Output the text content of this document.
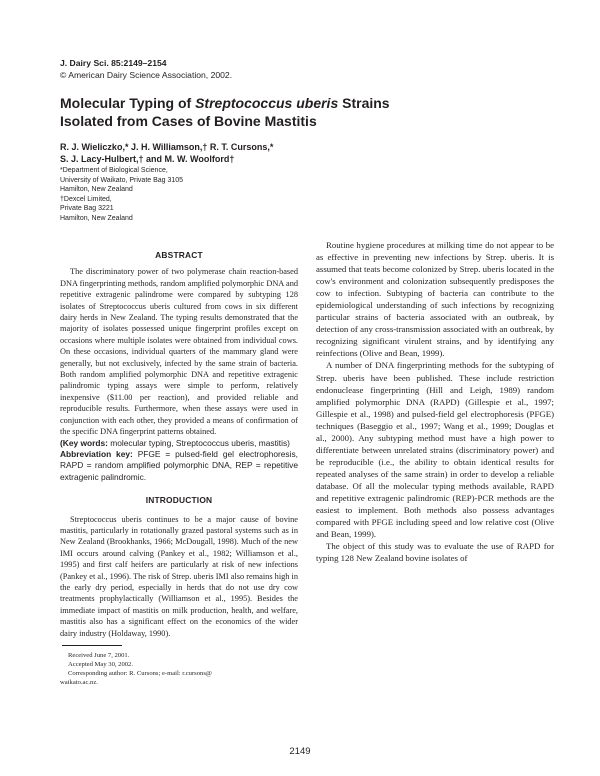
J. Dairy Sci. 85:2149–2154
© American Dairy Science Association, 2002.
Molecular Typing of Streptococcus uberis Strains Isolated from Cases of Bovine Mastitis
R. J. Wieliczko,* J. H. Williamson,† R. T. Cursons,*
S. J. Lacy-Hulbert,† and M. W. Woolford†
*Department of Biological Science,
University of Waikato, Private Bag 3105
Hamilton, New Zealand
†Dexcel Limited,
Private Bag 3221
Hamilton, New Zealand
ABSTRACT

The discriminatory power of two polymerase chain reaction-based DNA fingerprinting methods, random amplified polymorphic DNA and repetitive extragenic palindrome were compared by subtyping 128 isolates of Streptococcus uberis cultured from cows in six different dairy herds in New Zealand. The typing results demonstrated that the majority of isolates possessed unique fingerprint profiles except on occasions where multiple isolates were obtained from individual cows. On these occasions, individual quarters of the mammary gland were generally, but not exclusively, infected by the same strain of bacteria. Both random amplified polymorphic DNA and repetitive extragenic palindromic typing assays were simple to perform, relatively inexpensive ($11.00 per reaction), and provided reliable and reproducible results. Furthermore, when these assays were used in conjunction with each other, they provided a means of confirmation of the specific DNA fingerprint patterns obtained.

(Key words: molecular typing, Streptococcus uberis, mastitis)

Abbreviation key: PFGE = pulsed-field gel electrophoresis, RAPD = random amplified polymorphic DNA, REP = repetitive extragenic palindromic.

INTRODUCTION

Streptococcus uberis continues to be a major cause of bovine mastitis, particularly in rotationally grazed pastoral systems such as in New Zealand (Brookhanks, 1966; McDougall, 1998). Much of the new IMI occurs around calving (Pankey et al., 1982; Williamson et al., 1995) and first calf heifers are particularly at risk of new infections (Pankey et al., 1996). The risk of Strep. uberis IMI also remains high in the early dry period, especially in herds that do not use dry cow treatments prophylactically (Williamson et al., 1995). Besides the immediate impact of mastitis on milk production, health, and welfare, mastitis also has a significant effect on the economics of the wider dairy industry (Holdaway, 1990).

Routine hygiene procedures at milking time do not appear to be as effective in preventing new infections by Strep. uberis. It is assumed that teats become colonized by Strep. uberis located in the cow's environment and colonization subsequently predisposes the cow to infection. Subtyping of bacteria can contribute to the epidemiological understanding of such infections by recognizing particular strains of bacteria associated with an outbreak, by detection of any cross-transmission associated with an outbreak, by recognizing significant virulent strains, and by identifying any reinfections (Olive and Bean, 1999).

A number of DNA fingerprinting methods for the subtyping of Strep. uberis have been published. These include restriction endonuclease fingerprinting (Hill and Leigh, 1989) random amplified polymorphic DNA (RAPD) (Gillespie et al., 1997; Gillespie et al., 1998) and pulsed-field gel electrophoresis (PFGE) techniques (Baseggio et al., 1997; Wang et al., 1999; Douglas et al., 2000). Any subtyping method must have a high power to differentiate between unrelated strains (discriminatory power) and be reproducible (i.e., the ability to obtain identical results for repeated analyses of the same strain) in order to develop a reliable database. Of all the molecular typing methods available, RAPD and repetitive extragenic palindromic (REP)-PCR methods are the easiest to implement. Both methods also possess advantages compared with PFGE including speed and low relative cost (Olive and Bean, 1999).

The object of this study was to evaluate the use of RAPD for typing 128 New Zealand bovine isolates of

Received June 7, 2001.
Accepted May 30, 2002.
Corresponding author: R. Cursons; e-mail: r.cursons@
waikato.ac.nz.
2149
